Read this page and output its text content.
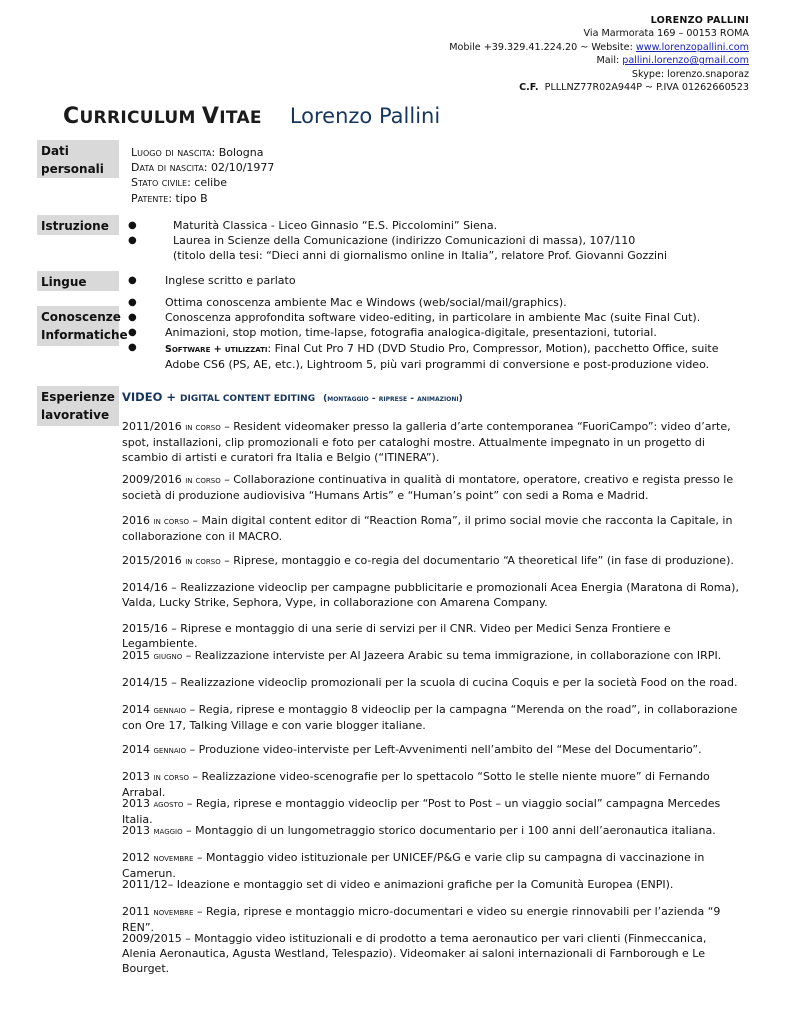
LORENZO PALLINI
Via Marmorata 169 – 00153 ROMA
Mobile +39.329.41.224.20 ~ Website: www.lorenzopallini.com
Mail: pallini.lorenzo@gmail.com
Skype: lorenzo.snaporaz
C.F. PLLLNZ77R02A944P ~ P.IVA 01262660523
CURRICULUM VITAE Lorenzo Pallini
Dati personali
Luogo di nascita: Bologna
Data di nascita: 02/10/1977
Stato civile: celibe
Patente: tipo B
Istruzione	●
●
Maturità Classica - Liceo Ginnasio “E.S. Piccolomini” Siena.
Laurea in Scienze della Comunicazione (indirizzo Comunicazioni di massa), 107/110
(titolo della tesi: “Dieci anni di giornalismo online in Italia”, relatore Prof. Giovanni Gozzini
Lingue	●	Inglese scritto e parlato
Conoscenze Informatiche
●
●
●
●
Ottima conoscenza ambiente Mac e Windows (web/social/mail/graphics).
Conoscenza approfondita software video-editing, in particolare in ambiente Mac (suite Final Cut).
Animazioni, stop motion, time-lapse, fotografia analogica-digitale, presentazioni, tutorial.
Software + utilizzati: Final Cut Pro 7 HD (DVD Studio Pro, Compressor, Motion), pacchetto Office, suite
Adobe CS6 (PS, AE, etc.), Lightroom 5, più vari programmi di conversione e post-produzione video.
Esperienze lavorative
VIDEO + DIGITAL CONTENT EDITING (montaggio - riprese - animazioni)
2011/2016 in corso – Resident videomaker presso la galleria d’arte contemporanea “FuoriCampo”: video d’arte, spot, installazioni, clip promozionali e foto per cataloghi mostre. Attualmente impegnato in un progetto di scambio di artisti e curatori fra Italia e Belgio (“ITINERA”).
2009/2016 in corso – Collaborazione continuativa in qualità di montatore, operatore, creativo e regista presso le società di produzione audiovisiva “Humans Artis” e “Human’s point” con sedi a Roma e Madrid.
2016 in corso – Main digital content editor di “Reaction Roma”, il primo social movie che racconta la Capitale, in collaborazione con il MACRO.
2015/2016 in corso – Riprese, montaggio e co-regia del documentario “A theoretical life” (in fase di produzione).
2014/16 – Realizzazione videoclip per campagne pubblicitarie e promozionali Acea Energia (Maratona di Roma), Valda, Lucky Strike, Sephora, Vype, in collaborazione con Amarena Company.
2015/16 – Riprese e montaggio di una serie di servizi per il CNR. Video per Medici Senza Frontiere e Legambiente.
2015 giugno – Realizzazione interviste per Al Jazeera Arabic su tema immigrazione, in collaborazione con IRPI.
2014/15 – Realizzazione videoclip promozionali per la scuola di cucina Coquis e per la società Food on the road.
2014 gennaio – Regia, riprese e montaggio 8 videoclip per la campagna “Merenda on the road”, in collaborazione con Ore 17, Talking Village e con varie blogger italiane.
2014 gennaio – Produzione video-interviste per Left-Avvenimenti nell’ambito del “Mese del Documentario”.
2013 in corso – Realizzazione video-scenografie per lo spettacolo “Sotto le stelle niente muore” di Fernando Arrabal.
2013 agosto – Regia, riprese e montaggio videoclip per “Post to Post – un viaggio social” campagna Mercedes Italia.
2013 maggio – Montaggio di un lungometraggio storico documentario per i 100 anni dell’aeronautica italiana.
2012 novembre – Montaggio video istituzionale per UNICEF/P&G e varie clip su campagna di vaccinazione in Camerun.
2011/12– Ideazione e montaggio set di video e animazioni grafiche per la Comunità Europea (ENPI).
2011 novembre – Regia, riprese e montaggio micro-documentari e video su energie rinnovabili per l’azienda “9 REN”.
2009/2015 – Montaggio video istituzionali e di prodotto a tema aeronautico per vari clienti (Finmeccanica, Alenia Aeronautica, Agusta Westland, Telespazio). Videomaker ai saloni internazionali di Farnborough e Le Bourget.
